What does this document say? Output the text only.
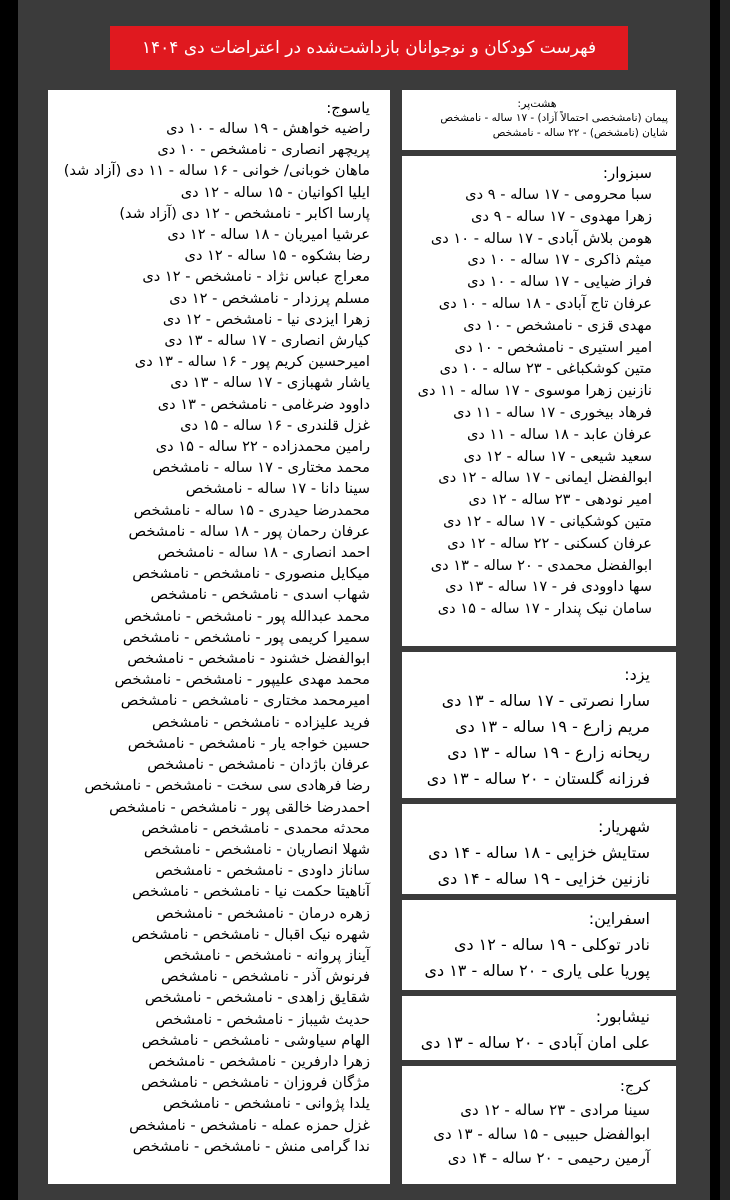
فهرست کودکان و نوجوانان بازداشت‌شده در اعتراضات دی ۱۴۰۴
یاسوج:
راضیه خواهش - ۱۹ ساله - ۱۰ دی
پریچهر انصاری - نامشخص - ۱۰ دی
ماهان خوبانی/ خوانی - ۱۶ ساله - ۱۱ دی (آزاد شد)
ایلیا اکوانیان - ۱۵ ساله - ۱۲ دی
پارسا اکابر - نامشخص - ۱۲ دی (آزاد شد)
عرشیا امیریان - ۱۸ ساله - ۱۲ دی
رضا بشکوه - ۱۵ ساله - ۱۲ دی
معراج عباس نژاد - نامشخص - ۱۲ دی
مسلم پرزدار - نامشخص - ۱۲ دی
زهرا ایزدی نیا - نامشخص - ۱۲ دی
کیارش انصاری - ۱۷ ساله - ۱۳ دی
امیرحسین کریم پور - ۱۶ ساله - ۱۳ دی
یاشار شهبازی - ۱۷ ساله - ۱۳ دی
داوود ضرغامی - نامشخص - ۱۳ دی
غزل قلندری - ۱۶ ساله - ۱۵ دی
رامین محمدزاده - ۲۲ ساله - ۱۵ دی
محمد مختاری - ۱۷ ساله - نامشخص
سینا دانا - ۱۷ ساله - نامشخص
محمدرضا حیدری - ۱۵ ساله - نامشخص
عرفان رحمان پور - ۱۸ ساله - نامشخص
احمد انصاری - ۱۸ ساله - نامشخص
میکایل منصوری - نامشخص - نامشخص
شهاب اسدی - نامشخص - نامشخص
محمد عبدالله پور - نامشخص - نامشخص
سمیرا کریمی پور - نامشخص - نامشخص
ابوالفضل خشنود - نامشخص - نامشخص
محمد مهدی علیپور - نامشخص - نامشخص
امیرمحمد مختاری - نامشخص - نامشخص
فرید علیزاده - نامشخص - نامشخص
حسین خواجه یار - نامشخص - نامشخص
عرفان باژدان - نامشخص - نامشخص
رضا فرهادی سی سخت - نامشخص - نامشخص
احمدرضا خالقی پور - نامشخص - نامشخص
محدثه محمدی - نامشخص - نامشخص
شهلا انصاریان - نامشخص - نامشخص
ساناز داودی - نامشخص - نامشخص
آناهیتا حکمت نیا - نامشخص - نامشخص
زهره درمان - نامشخص - نامشخص
شهره نیک اقبال - نامشخص - نامشخص
آیناز پروانه - نامشخص - نامشخص
فرنوش آذر - نامشخص - نامشخص
شقایق زاهدی - نامشخص - نامشخص
حدیث شیباز - نامشخص - نامشخص
الهام سیاوشی - نامشخص - نامشخص
زهرا دارفرین - نامشخص - نامشخص
مژگان فروزان - نامشخص - نامشخص
یلدا پژوانی - نامشخص - نامشخص
غزل حمزه عمله - نامشخص - نامشخص
ندا گرامی منش - نامشخص - نامشخص
هشت‌پر:
پیمان (نامشخصی احتمالاً آزاد) - ۱۷ ساله - نامشخص
شایان (نامشخص) - ۲۲ ساله - نامشخص
سبزوار:
سبا محرومی - ۱۷ ساله - ۹ دی
زهرا مهدوی - ۱۷ ساله - ۹ دی
هومن بلاش آبادی - ۱۷ ساله - ۱۰ دی
میثم ذاکری - ۱۷ ساله - ۱۰ دی
فراز ضیایی - ۱۷ ساله - ۱۰ دی
عرفان تاج آبادی - ۱۸ ساله - ۱۰ دی
مهدی قزی - نامشخص - ۱۰ دی
امیر استیری - نامشخص - ۱۰ دی
متین کوشکباغی - ۲۳ ساله - ۱۰ دی
نازنین زهرا موسوی - ۱۷ ساله - ۱۱ دی
فرهاد بیخوری - ۱۷ ساله - ۱۱ دی
عرفان عابد - ۱۸ ساله - ۱۱ دی
سعید شیعی - ۱۷ ساله - ۱۲ دی
ابوالفضل ایمانی - ۱۷ ساله - ۱۲ دی
امیر نودهی - ۲۳ ساله - ۱۲ دی
متین کوشکیانی - ۱۷ ساله - ۱۲ دی
عرفان کسکنی - ۲۲ ساله - ۱۲ دی
ابوالفضل محمدی - ۲۰ ساله - ۱۳ دی
سها داوودی فر - ۱۷ ساله - ۱۳ دی
سامان نیک پندار - ۱۷ ساله - ۱۵ دی
یزد:
سارا نصرتی - ۱۷ ساله - ۱۳ دی
مریم زارع - ۱۹ ساله - ۱۳ دی
ریحانه زارع - ۱۹ ساله - ۱۳ دی
فرزانه گلستان - ۲۰ ساله - ۱۳ دی
شهریار:
ستایش خزایی - ۱۸ ساله - ۱۴ دی
نازنین خزایی - ۱۹ ساله - ۱۴ دی
اسفراین:
نادر توکلی - ۱۹ ساله - ۱۲ دی
پوریا علی یاری - ۲۰ ساله - ۱۳ دی
نیشابور:
علی امان آبادی - ۲۰ ساله - ۱۳ دی
کرج:
سینا مرادی - ۲۳ ساله - ۱۲ دی
ابوالفضل حبیبی - ۱۵ ساله - ۱۳ دی
آرمین رحیمی - ۲۰ ساله - ۱۴ دی
